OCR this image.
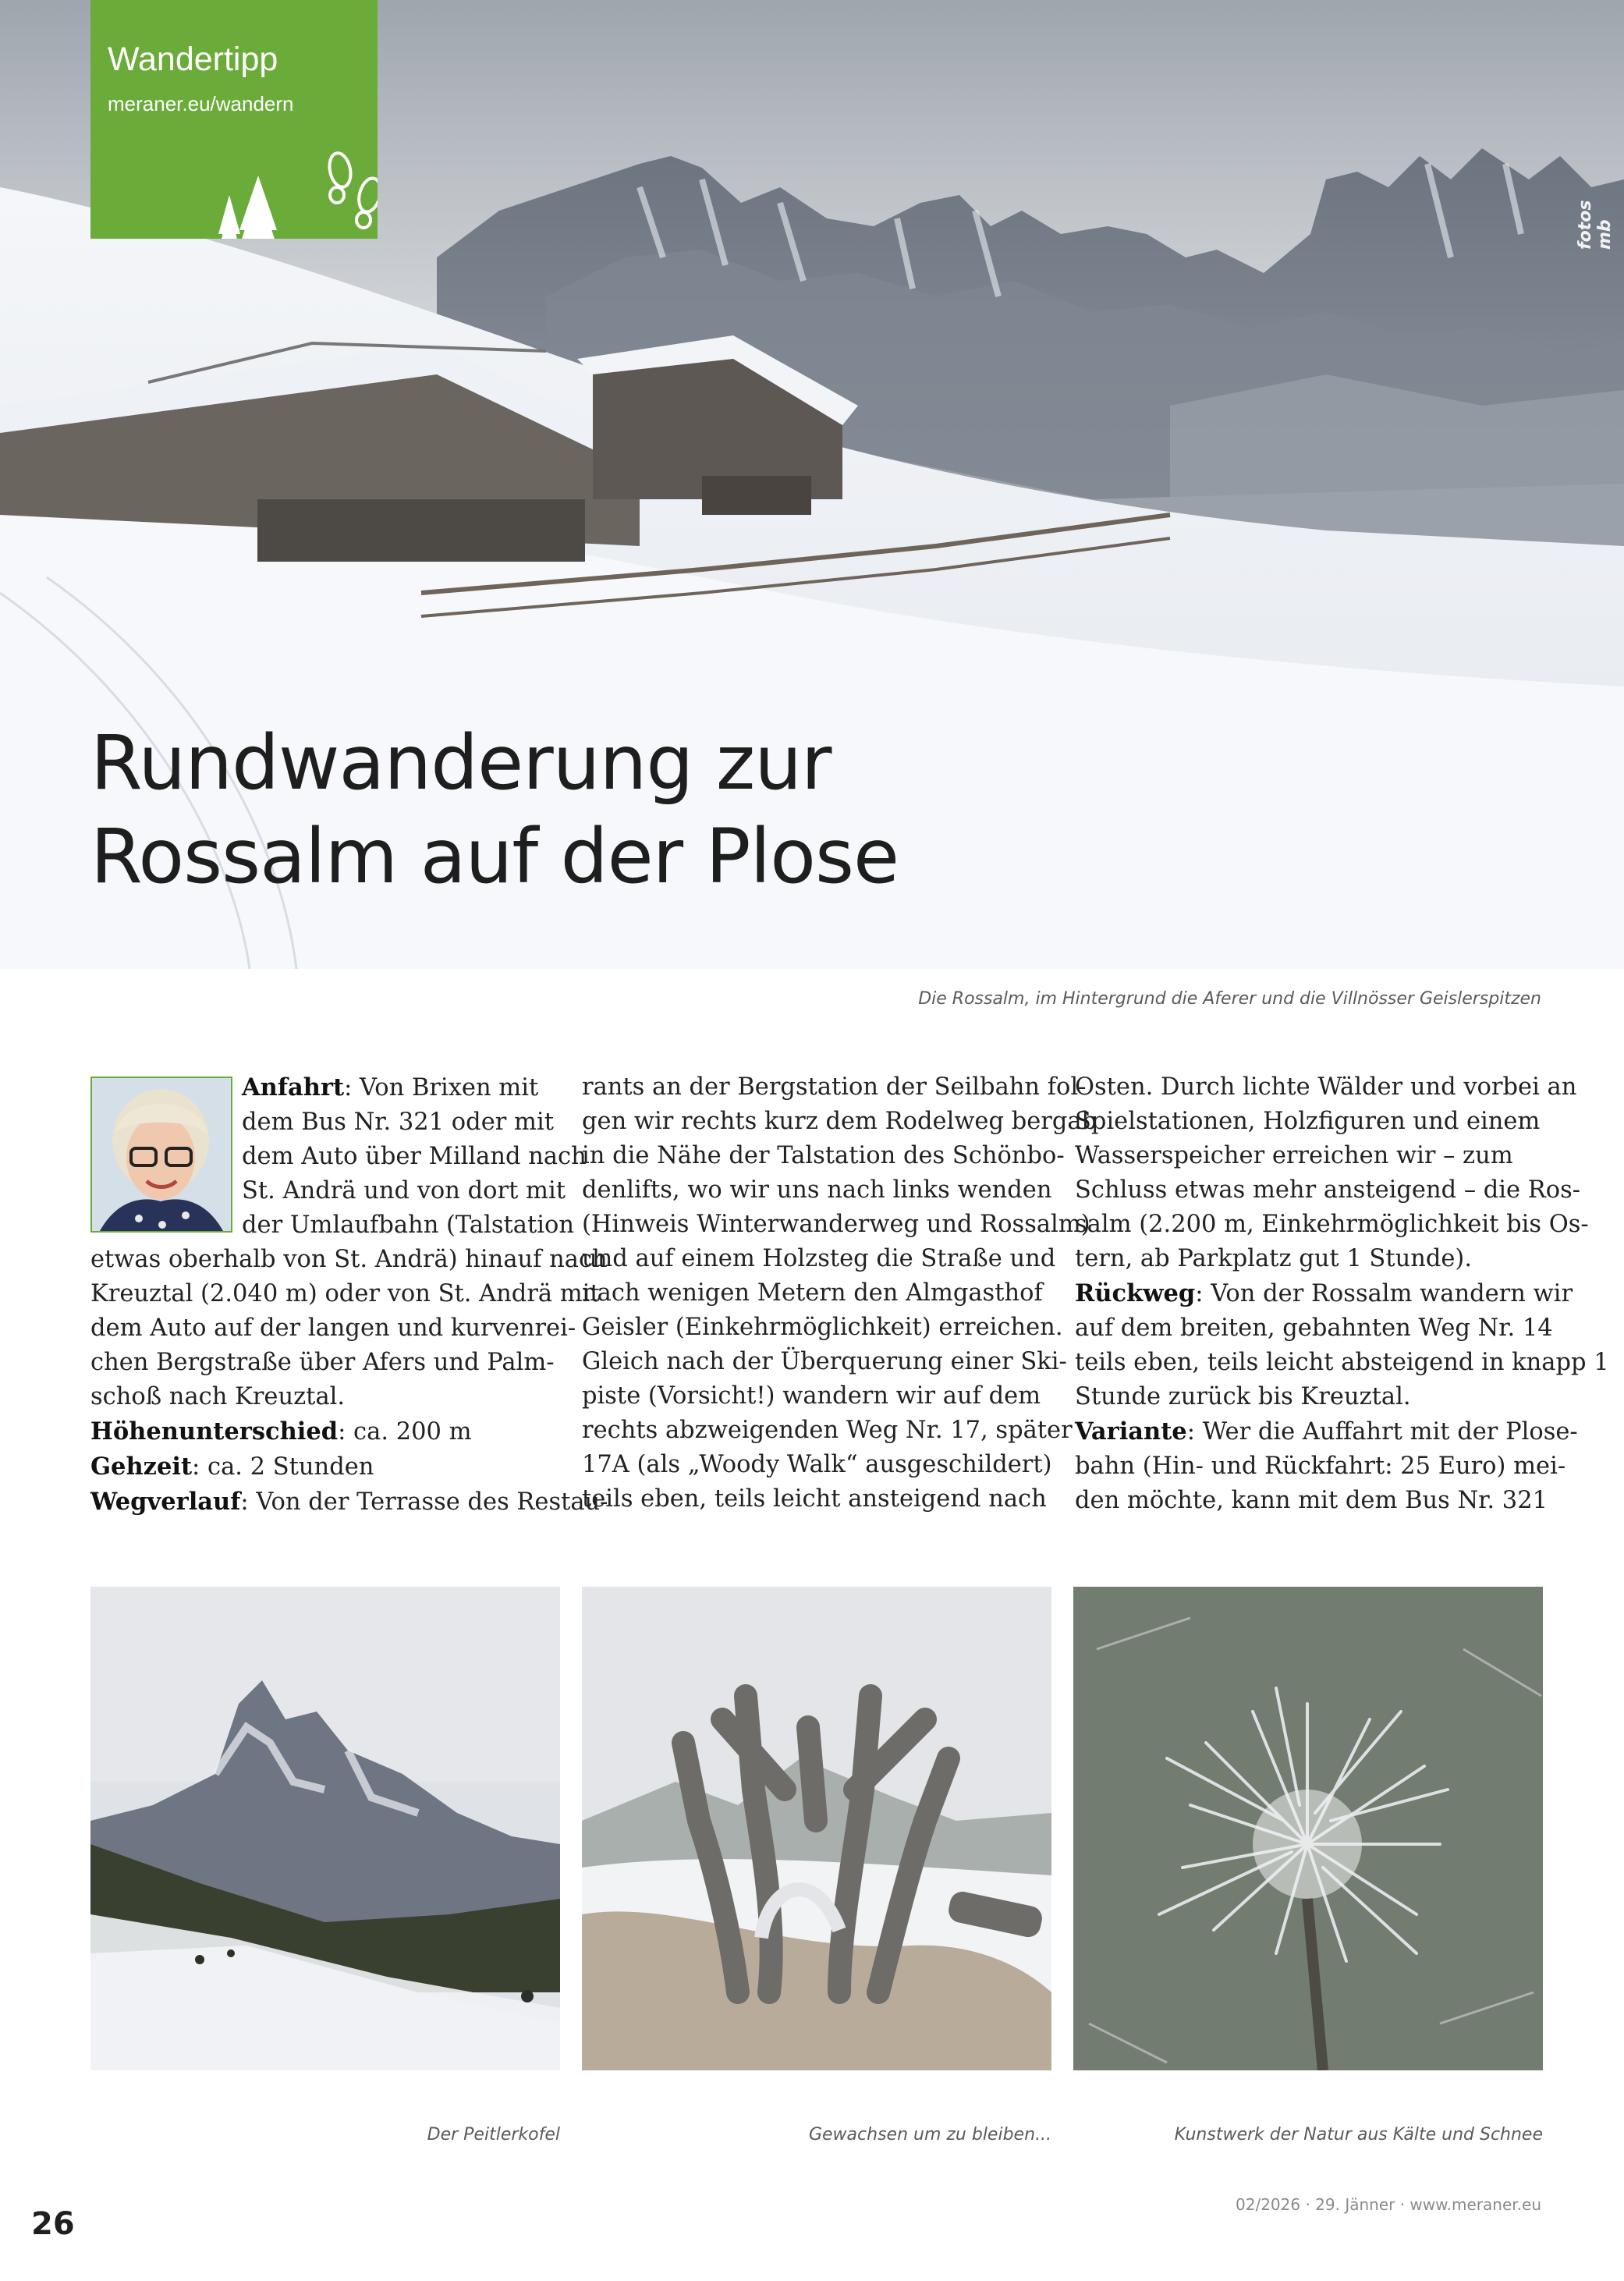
Wandertipp
meraner.eu/wandern
fotos mb
Rundwanderung zur
Rossalm auf der Plose
Die Rossalm, im Hintergrund die Aferer und die Villnösser Geislerspitzen
Anfahrt: Von Brixen mit
dem Bus Nr. 321 oder mit
dem Auto über Milland nach
St. Andrä und von dort mit
der Umlaufbahn (Talstation
etwas oberhalb von St. Andrä) hinauf nach
Kreuztal (2.040 m) oder von St. Andrä mit
dem Auto auf der langen und kurvenrei-
chen Bergstraße über Afers und Palm-
schoß nach Kreuztal.
Höhenunterschied: ca. 200 m
Gehzeit: ca. 2 Stunden
Wegverlauf: Von der Terrasse des Restau-
rants an der Bergstation der Seilbahn fol-
gen wir rechts kurz dem Rodelweg bergab
in die Nähe der Talstation des Schönbo-
denlifts, wo wir uns nach links wenden
(Hinweis Winterwanderweg und Rossalm)
und auf einem Holzsteg die Straße und
nach wenigen Metern den Almgasthof
Geisler (Einkehrmöglichkeit) erreichen.
Gleich nach der Überquerung einer Ski-
piste (Vorsicht!) wandern wir auf dem
rechts abzweigenden Weg Nr. 17, später
17A (als „Woody Walk“ ausgeschildert)
teils eben, teils leicht ansteigend nach
Osten. Durch lichte Wälder und vorbei an
Spielstationen, Holzfiguren und einem
Wasserspeicher erreichen wir – zum
Schluss etwas mehr ansteigend – die Ros-
salm (2.200 m, Einkehrmöglichkeit bis Os-
tern, ab Parkplatz gut 1 Stunde).
Rückweg: Von der Rossalm wandern wir
auf dem breiten, gebahnten Weg Nr. 14
teils eben, teils leicht absteigend in knapp 1
Stunde zurück bis Kreuztal.
Variante: Wer die Auffahrt mit der Plose-
bahn (Hin- und Rückfahrt: 25 Euro) mei-
den möchte, kann mit dem Bus Nr. 321
Der Peitlerkofel	Gewachsen um zu bleiben...	Kunstwerk der Natur aus Kälte und Schnee
26
02/2026 · 29. Jänner · www.meraner.eu
